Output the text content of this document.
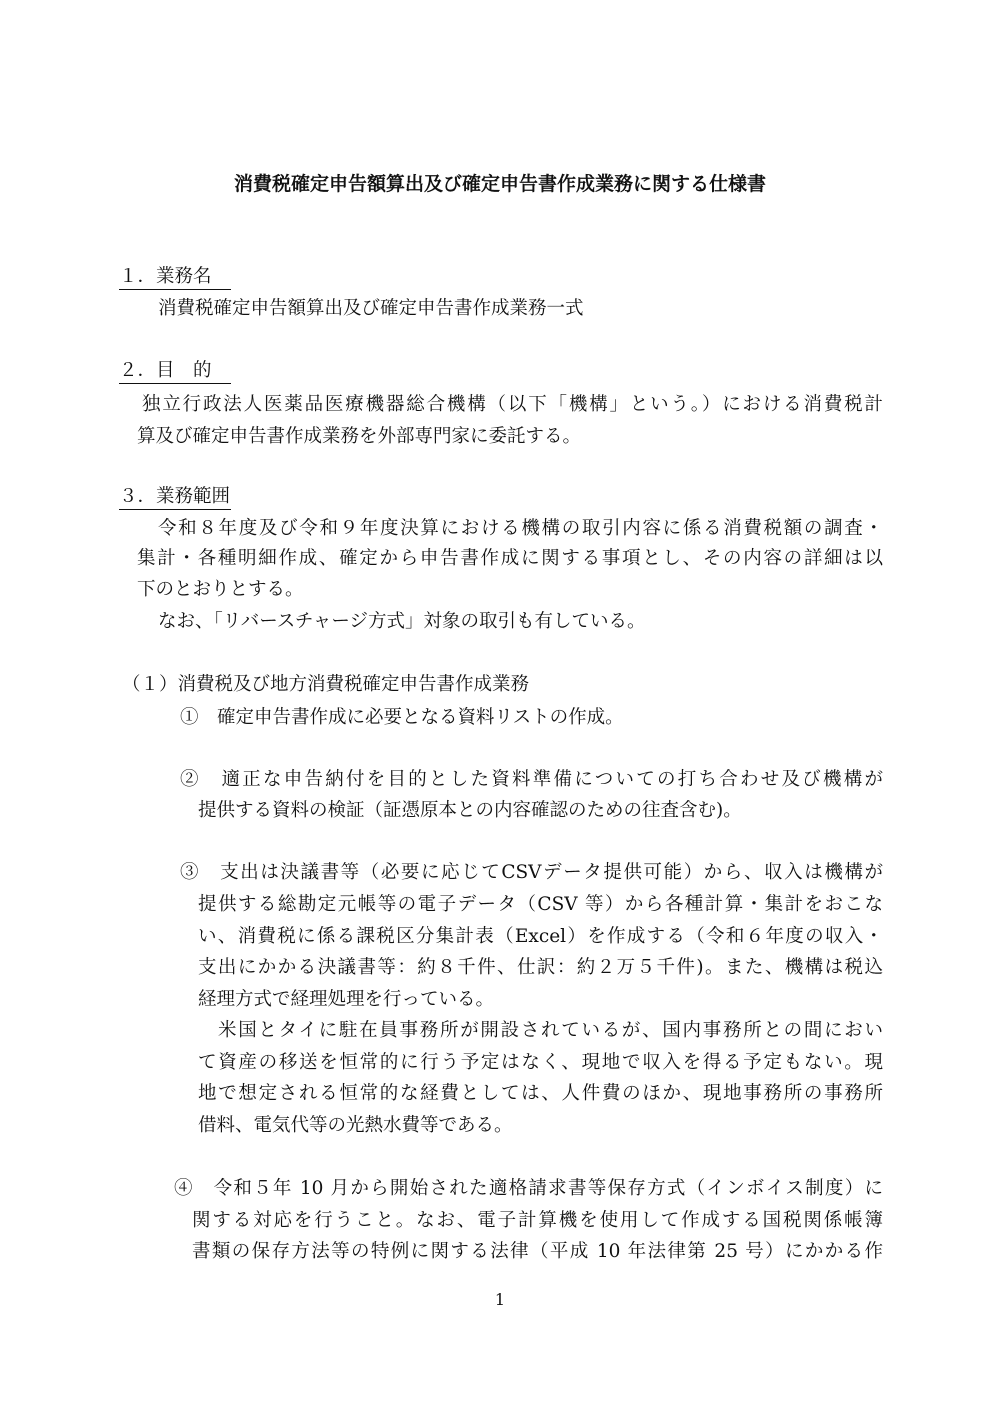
消費税確定申告額算出及び確定申告書作成業務に関する仕様書
１．業務名
消費税確定申告額算出及び確定申告書作成業務一式
２．目　的
独立行政法人医薬品医療機器総合機構（以下「機構」という。）における消費税計
算及び確定申告書作成業務を外部専門家に委託する。
３．業務範囲
令和８年度及び令和９年度決算における機構の取引内容に係る消費税額の調査・
集計・各種明細作成、確定から申告書作成に関する事項とし、その内容の詳細は以
下のとおりとする。
なお、「リバースチャージ方式」対象の取引も有している。
（１）消費税及び地方消費税確定申告書作成業務
①　確定申告書作成に必要となる資料リストの作成。
②　適正な申告納付を目的とした資料準備についての打ち合わせ及び機構が
提供する資料の検証（証憑原本との内容確認のための往査含む)。
③　支出は決議書等（必要に応じてCSVデータ提供可能）から、収入は機構が
提供する総勘定元帳等の電子データ（CSV 等）から各種計算・集計をおこな
い、消費税に係る課税区分集計表（Excel）を作成する（令和６年度の収入・
支出にかかる決議書等：約８千件、仕訳：約２万５千件)。また、機構は税込
経理方式で経理処理を行っている。
米国とタイに駐在員事務所が開設されているが、国内事務所との間におい
て資産の移送を恒常的に行う予定はなく、現地で収入を得る予定もない。現
地で想定される恒常的な経費としては、人件費のほか、現地事務所の事務所
借料、電気代等の光熱水費等である。
④　令和５年 10 月から開始された適格請求書等保存方式（インボイス制度）に
関する対応を行うこと。なお、電子計算機を使用して作成する国税関係帳簿
書類の保存方法等の特例に関する法律（平成 10 年法律第 25 号）にかかる作
1
